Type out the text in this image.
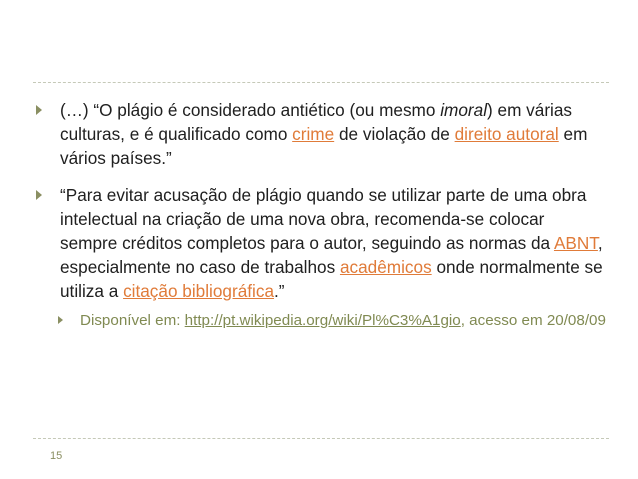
(…) “O plágio é considerado antiético (ou mesmo imoral) em várias culturas, e é qualificado como crime de violação de direito autoral em vários países.”
“Para evitar acusação de plágio quando se utilizar parte de uma obra intelectual na criação de uma nova obra, recomenda-se colocar sempre créditos completos para o autor, seguindo as normas da ABNT, especialmente no caso de trabalhos acadêmicos onde normalmente se utiliza a citação bibliográfica.”
Disponível em: http://pt.wikipedia.org/wiki/Pl%C3%A1gio, acesso em 20/08/09
15
